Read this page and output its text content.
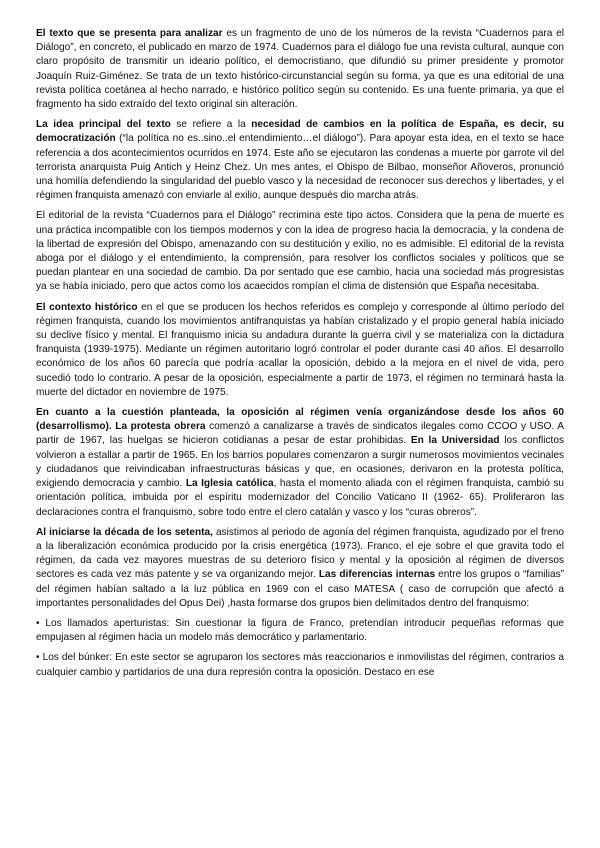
El texto que se presenta para analizar es un fragmento de uno de los números de la revista “Cuadernos para el Diálogo”, en concreto, el publicado en marzo de 1974. Cuadernos para el diálogo fue una revista cultural, aunque con claro propósito de transmitir un ideario político, el democristiano, que difundió su primer presidente y promotor Joaquín Ruiz-Giménez. Se trata de un texto histórico-circunstancial según su forma, ya que es una editorial de una revista política coetánea al hecho narrado, e histórico político según su contenido. Es una fuente primaria, ya que el fragmento ha sido extraído del texto original sin alteración.

La idea principal del texto se refiere a la necesidad de cambios en la política de España, es decir, su democratización (“la política no es..sino..el entendimiento…el diálogo”). Para apoyar esta idea, en el texto se hace referencia a dos acontecimientos ocurridos en 1974. Este año se ejecutaron las condenas a muerte por garrote vil del terrorista anarquista Puig Antich y Heinz Chez. Un mes antes, el Obispo de Bilbao, monseñor Añoveros, pronunció una homilía defendiendo la singularidad del pueblo vasco y la necesidad de reconocer sus derechos y libertades, y el régimen franquista amenazó con enviarle al exilio, aunque después dio marcha atrás.

El editorial de la revista “Cuadernos para el Diálogo” recrimina este tipo actos. Considera que la pena de muerte es una práctica incompatible con los tiempos modernos y con la idea de progreso hacia la democracia, y la condena de la libertad de expresión del Obispo, amenazando con su destitución y exilio, no es admisible. El editorial de la revista aboga por el diálogo y el entendimiento, la comprensión, para resolver los conflictos sociales y políticos que se puedan plantear en una sociedad de cambio. Da por sentado que ese cambio, hacia una sociedad más progresistas ya se había iniciado, pero que actos como los acaecidos rompían el clima de distensión que España necesitaba.

El contexto histórico en el que se producen los hechos referidos es complejo y corresponde al último período del régimen franquista, cuando los movimientos antifranquistas ya habían cristalizado y el propio general había iniciado su declive físico y mental. El franquismo inicia su andadura durante la guerra civil y se materializa con la dictadura franquista (1939-1975). Mediante un régimen autoritario logró controlar el poder durante casi 40 años. El desarrollo económico de los años 60 parecía que podría acallar la oposición, debido a la mejora en el nivel de vida, pero sucedió todo lo contrario. A pesar de la oposición, especialmente a partir de 1973, el régimen no terminará hasta la muerte del dictador en noviembre de 1975.

En cuanto a la cuestión planteada, la oposición al régimen venía organizándose desde los años 60 (desarrollismo). La protesta obrera comenzó a canalizarse a través de sindicatos ilegales como CCOO y USO. A partir de 1967, las huelgas se hicieron cotidianas a pesar de estar prohibidas. En la Universidad los conflictos volvieron a estallar a partir de 1965. En los barrios populares comenzaron a surgir numerosos movimientos vecinales y ciudadanos que reivindicaban infraestructuras básicas y que, en ocasiones, derivaron en la protesta política, exigiendo democracia y cambio. La Iglesia católica, hasta el momento aliada con el régimen franquista, cambió su orientación política, imbuida por el espíritu modernizador del Concilio Vaticano II (1962- 65). Proliferaron las declaraciones contra el franquismo, sobre todo entre el clero catalán y vasco y los “curas obreros”.

Al iniciarse la década de los setenta, asistimos al periodo de agonía del régimen franquista, agudizado por el freno a la liberalización económica producido por la crisis energética (1973). Franco, el eje sobre el que gravita todo el régimen, da cada vez mayores muestras de su deterioro físico y mental y la oposición al régimen de diversos sectores es cada vez más patente y se va organizando mejor. Las diferencias internas entre los grupos o “familias” del régimen habían saltado a la luz pública en 1969 con el caso MATESA ( caso de corrupción que afectó a importantes personalidades del Opus Dei) ,hasta formarse dos grupos bien delimitados dentro del franquismo:

• Los llamados aperturistas: Sin cuestionar la figura de Franco, pretendían introducir pequeñas reformas que empujasen al régimen hacia un modelo más democrático y parlamentario.

• Los del búnker: En este sector se agruparon los sectores más reaccionarios e inmovilistas del régimen, contrarios a cualquier cambio y partidarios de una dura represión contra la oposición. Destaco en ese
